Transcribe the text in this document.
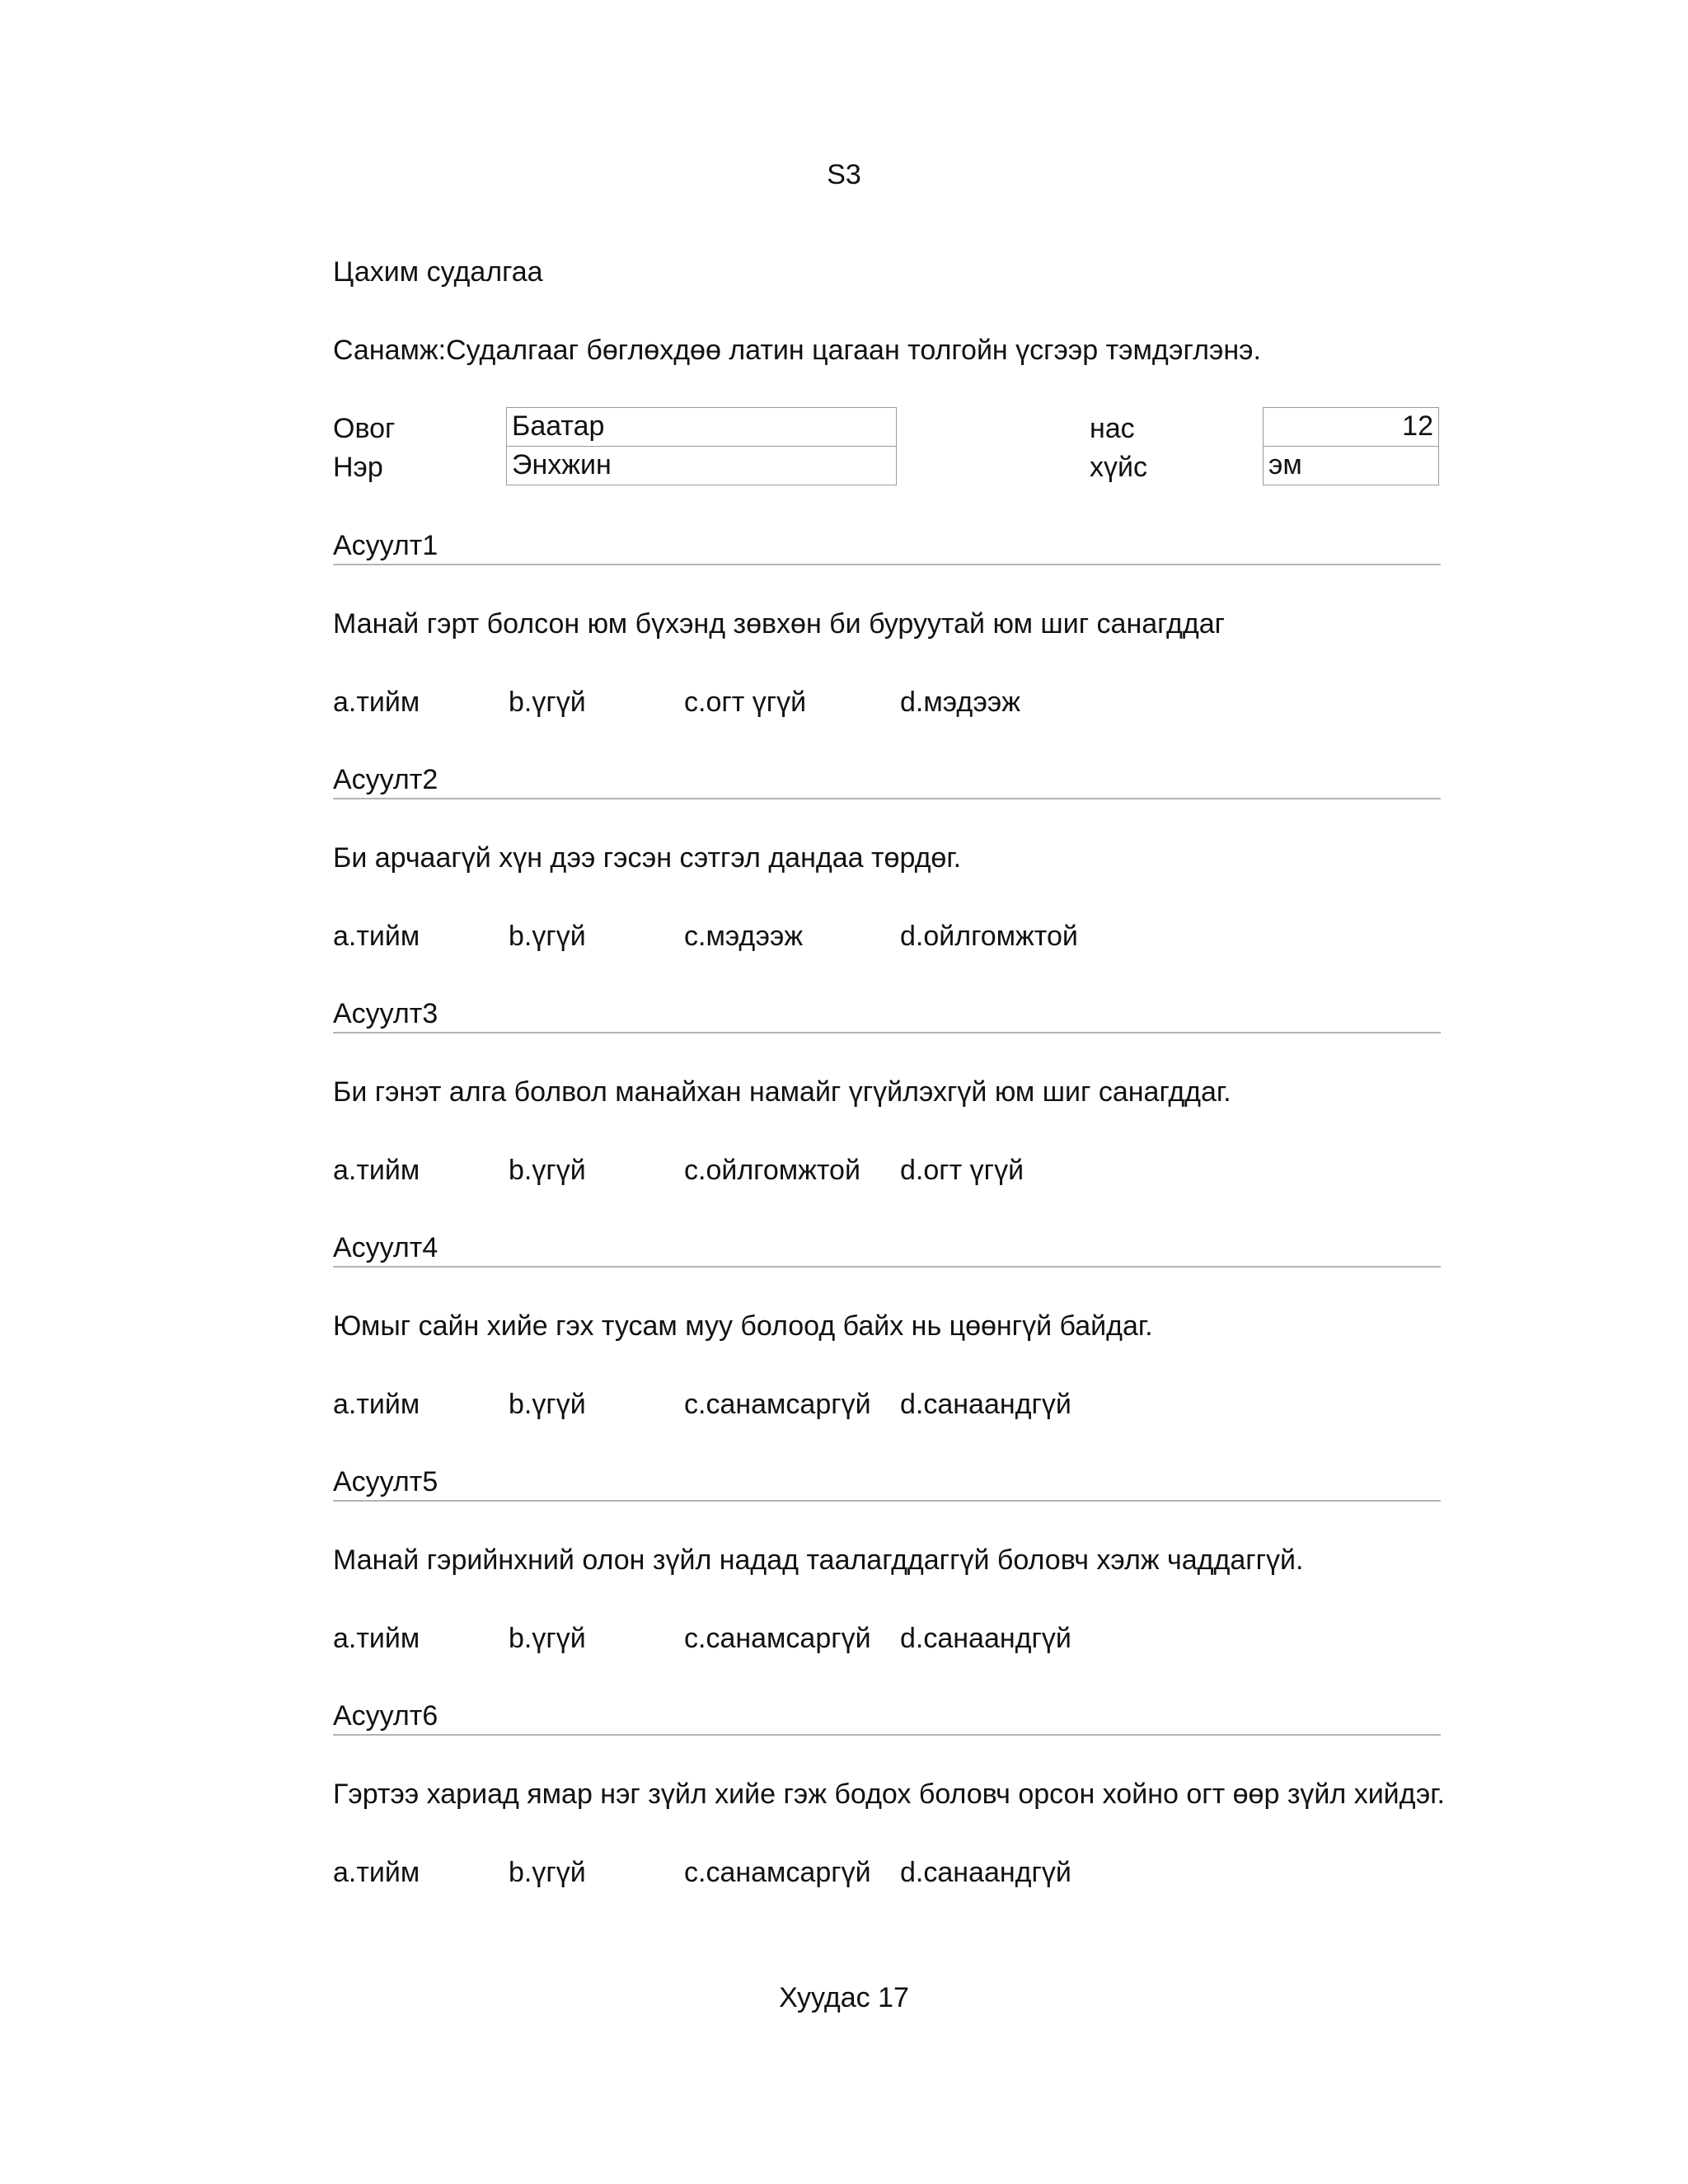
S3
Цахим судалгаа
Санамж:Судалгааг бөглөхдөө латин цагаан толгойн үсгээр тэмдэглэнэ.
Овог	Баатар
Нэр	Энхжин
нас	12
хүйс	эм
Асуулт1
Манай гэрт болсон юм бүхэнд зөвхөн би буруутай юм шиг санагддаг
a.тийм	b.үгүй	c.огт үгүй	d.мэдээж
Асуулт2
Би арчаагүй хүн дээ гэсэн сэтгэл дандаа төрдөг.
a.тийм	b.үгүй	c.мэдээж	d.ойлгомжтой
Асуулт3
Би гэнэт алга болвол манайхан намайг үгүйлэхгүй юм шиг санагддаг.
a.тийм	b.үгүй	c.ойлгомжтой d.огт үгүй
Асуулт4
Юмыг сайн хийе гэх тусам муу болоод байх нь цөөнгүй байдаг.
a.тийм	b.үгүй	c.санамсаргүй d.санаандгүй
Асуулт5
Манай гэрийнхний олон зүйл надад таалагддаггүй боловч хэлж чаддаггүй.
a.тийм	b.үгүй	c.санамсаргүй d.санаандгүй
Асуулт6
Гэртээ хариад ямар нэг зүйл хийе гэж бодох боловч орсон хойно огт өөр зүйл хийдэг.
a.тийм	b.үгүй	c.санамсаргүй d.санаандгүй
Хуудас 17
